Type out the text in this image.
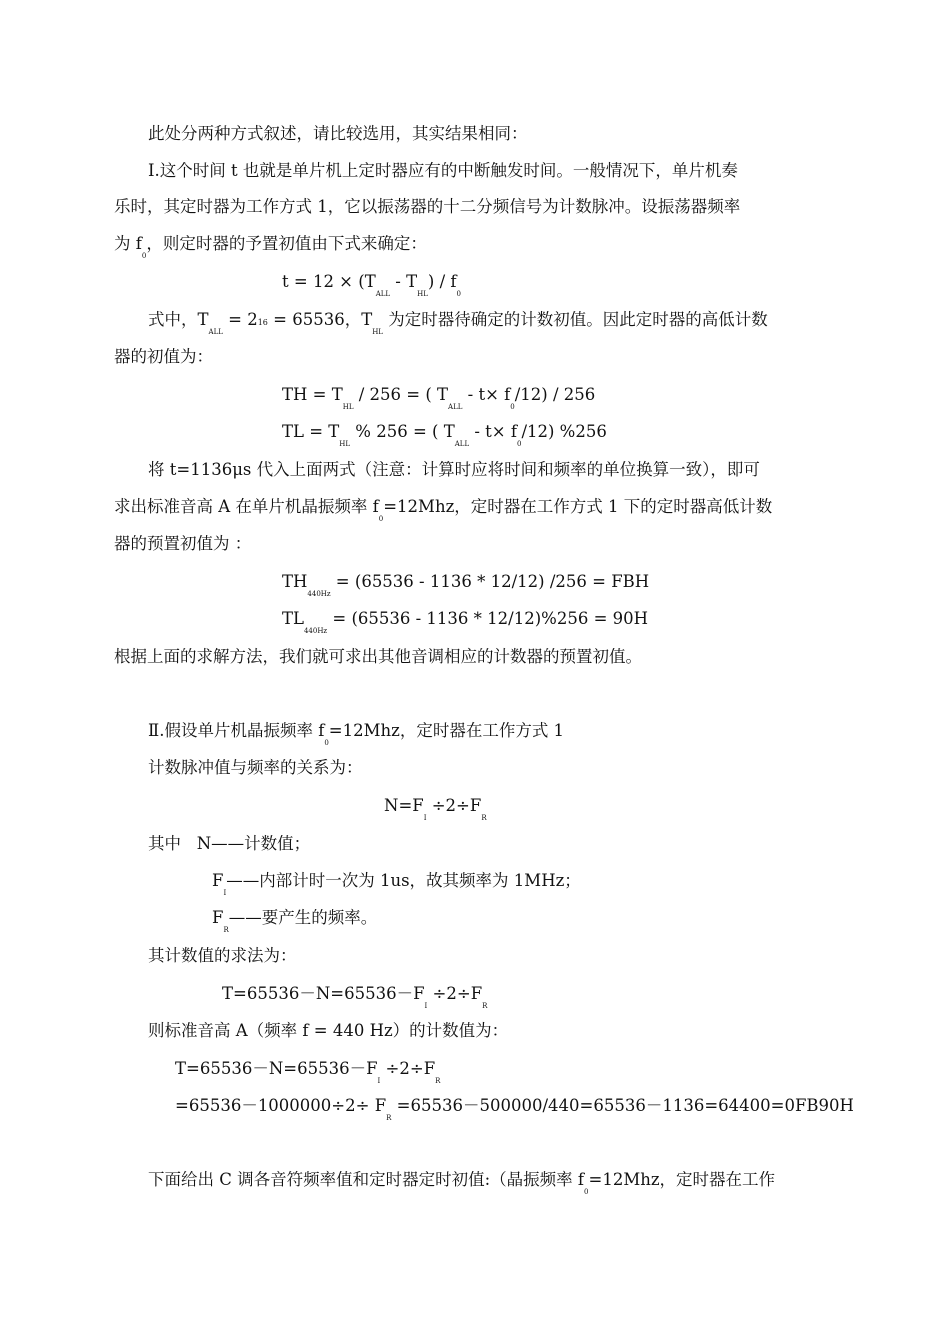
此处分两种方式叙述，请比较选用，其实结果相同：
Ⅰ.这个时间 t 也就是单片机上定时器应有的中断触发时间。一般情况下，单片机奏
乐时，其定时器为工作方式 1，它以振荡器的十二分频信号为计数脉冲。设振荡器频率
为 $f_0$，则定时器的予置初值由下式来确定：
$t = 12 \times (T_{ALL} - T_{HL}) / f_0$
式中，$T_{ALL} = 216 = 65536$，$T_{HL}$ 为定时器待确定的计数初值。因此定时器的高低计数
器的初值为：
TH = $T_{HL} / 256$ = ( $T_{ALL} - t\times f_0/12) / 256$
TL = $T_{HL}$ % 256 = ( $T_{ALL} - t\times f_0/12$) %256
将 t=1136μs 代入上面两式（注意：计算时应将时间和频率的单位换算一致），即可
求出标准音高 A 在单片机晶振频率 $f_0=12Mhz$，定时器在工作方式 1 下的定时器高低计数
器的预置初值为 ：
$TH_{440Hz} = (65536 - 1136 * 12/12) /256$ = FBH
$TL_{440Hz} = (65536 - 1136 * 12/12)\%256 = 90H$
根据上面的求解方法，我们就可求出其他音调相应的计数器的预置初值。
Ⅱ.假设单片机晶振频率 $f_0=12Mhz$，定时器在工作方式 1
计数脉冲值与频率的关系为：
$N=F_I \div 2\div F_R$
其中   N——计数值；
$F_I——$内部计时一次为 1us，故其频率为 1MHz；
$F_R——$要产生的频率。
其计数值的求法为：
$T=65536-N=65536-F_I \div 2\div F_R$
则标准音高 A（频率 f = 440 Hz）的计数值为：
$T=65536-N=65536-F_I \div 2\div F_R$
$=65536-1000000\div 2\div F_R =65536-500000/440=65536-1136=64400=0FB90H$
下面给出 C 调各音符频率值和定时器定时初值:（晶振频率 $f_0=12Mhz$，定时器在工作
